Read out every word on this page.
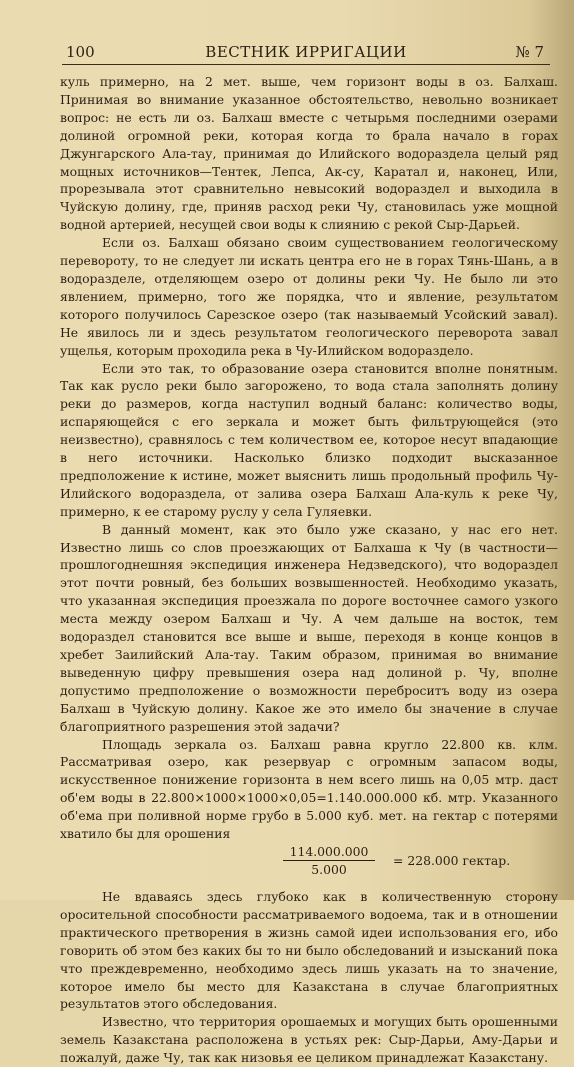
100	ВЕСТНИК ИРРИГАЦИИ	№ 7

куль примерно, на 2 мет. выше, чем горизонт воды в оз. Балхаш. Принимая во внимание указанное обстоятельство, невольно возникает вопрос: не есть ли оз. Балхаш вместе с четырьмя последними озерами долиной огромной реки, которая когда то брала начало в горах Джунгарского Ала-тау, принимая до Илийского водораздела целый ряд мощных источников—Тентек, Лепса, Ак-су, Каратал и, наконец, Или, прорезывала этот сравнительно невысокий водораздел и выходила в Чуйскую долину, где, приняв расход реки Чу, становилась уже мощной водной артерией, несущей свои воды к слиянию с рекой Сыр-Дарьей.

Если оз. Балхаш обязано своим существованием геологическому перевороту, то не следует ли искать центра его не в горах Тянь-Шань, а в водоразделе, отделяющем озеро от долины реки Чу. Не было ли это явлением, примерно, того же порядка, что и явление, результатом которого получилось Сарезское озеро (так называемый Усойский завал). Не явилось ли и здесь результатом геологического переворота завал ущелья, которым проходила река в Чу-Илийском водораздело.

Если это так, то образование озера становится вполне понятным. Так как русло реки было загорожено, то вода стала заполнять долину реки до размеров, когда наступил водный баланс: количество воды, испаряющейся с его зеркала и может быть фильтрующейся (это неизвестно), сравнялось с тем количеством ее, которое несут впадающие в него источники. Насколько близко подходит высказанное предположение к истине, может выяснить лишь продольный профиль Чу-Илийского водораздела, от залива озера Балхаш Ала-куль к реке Чу, примерно, к ее старому руслу у села Гуляевки.

В данный момент, как это было уже сказано, у нас его нет. Известно лишь со слов проезжающих от Балхаша к Чу (в частности—прошлогоднешняя экспедиция инженера Недзведского), что водораздел этот почти ровный, без больших возвышенностей. Необходимо указать, что указанная экспедиция проезжала по дороге восточнее самого узкого места между озером Балхаш и Чу. А чем дальше на восток, тем водораздел становится все выше и выше, переходя в конце концов в хребет Заилийский Ала-тау. Таким образом, принимая во внимание выведенную цифру превышения озера над долиной р. Чу, вполне допустимо предположение о возможности переброситъ воду из озера Балхаш в Чуйскую долину. Какое же это имело бы значение в случае благоприятного разрешения этой задачи?

Площадь зеркала оз. Балхаш равна кругло 22.800 кв. клм. Рассматривая озеро, как резервуар с огромным запасом воды, искусственное понижение горизонта в нем всего лишь на 0,05 мтр. даст об'ем воды в 22.800×1000×1000×0,05=1.140.000.000 кб. мтр. Указанного об'ема при поливной норме грубо в 5.000 куб. мет. на гектар с потерями хватило бы для орошения

$\frac{114.000.000}{5.000} = 228.000$ гектар.

Не вдаваясь здесь глубоко как в количественную сторону оросительной способности рассматриваемого водоема, так и в отношении практического претворения в жизнь самой идеи использования его, ибо говорить об этом без каких бы то ни было обследований и изысканий пока что преждевременно, необходимо здесь лишь указать на то значение, которое имело бы место для Казакстана в случае благоприятных результатов этого обследования.

Известно, что территория орошаемых и могущих быть орошенными земель Казакстана расположена в устьях рек: Сыр-Дарьи, Аму-Дарьи и пожалуй, даже Чу, так как низовья ее целиком принадлежат Казакстану.
